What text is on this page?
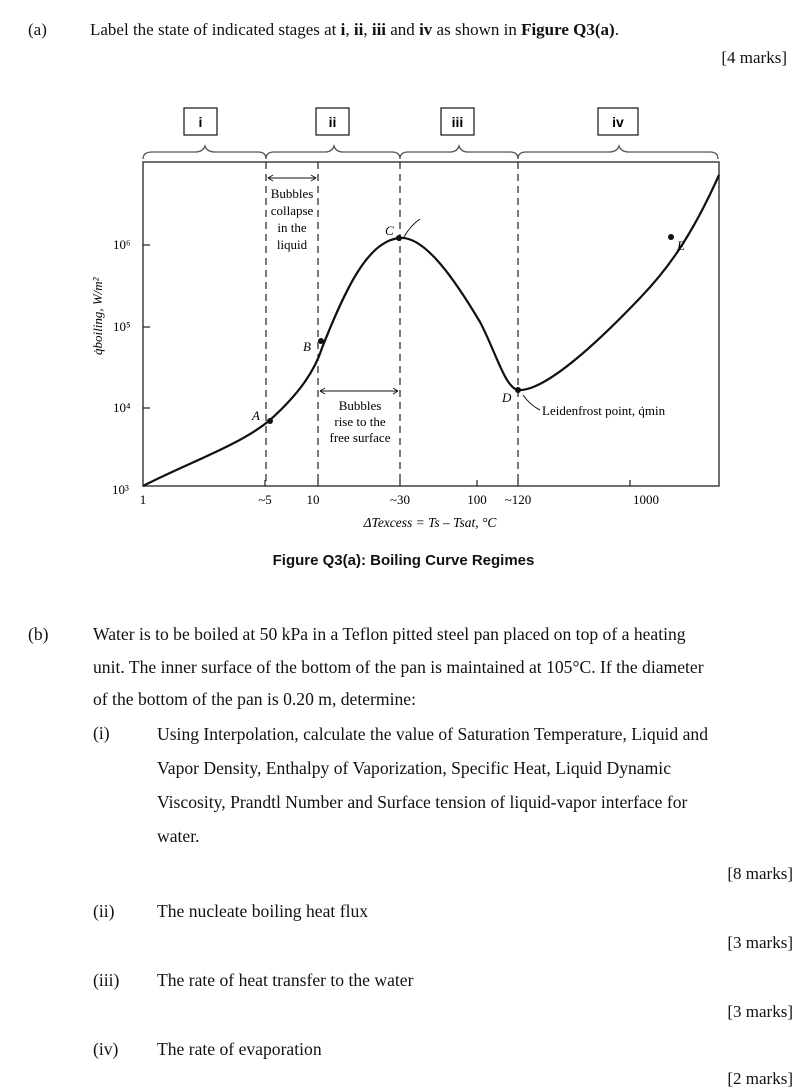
(a)	Label the state of indicated stages at i, ii, iii and iv as shown in Figure Q3(a).
[4 marks]
i	ii	iii	iv
10⁶
10⁵
10⁴
10³
q̇boiling, W/m²
1	~5	10	~30	100 ~120	1000
ΔTexcess = Ts – Tsat, °C
A
B
C
D
E
Bubbles
collapse
in the
liquid
Bubbles
rise to the
free surface
Leidenfrost point, q̇min
Figure Q3(a): Boiling Curve Regimes
(b)	Water is to be boiled at 50 kPa in a Teflon pitted steel pan placed on top of a heating
unit. The inner surface of the bottom of the pan is maintained at 105°C. If the diameter
of the bottom of the pan is 0.20 m, determine:
(i)	Using Interpolation, calculate the value of Saturation Temperature, Liquid and
Vapor Density, Enthalpy of Vaporization, Specific Heat, Liquid Dynamic
Viscosity, Prandtl Number and Surface tension of liquid-vapor interface for
water.
[8 marks]
(ii) The nucleate boiling heat flux
[3 marks]
(iii) The rate of heat transfer to the water
[3 marks]
(iv) The rate of evaporation
[2 marks]
